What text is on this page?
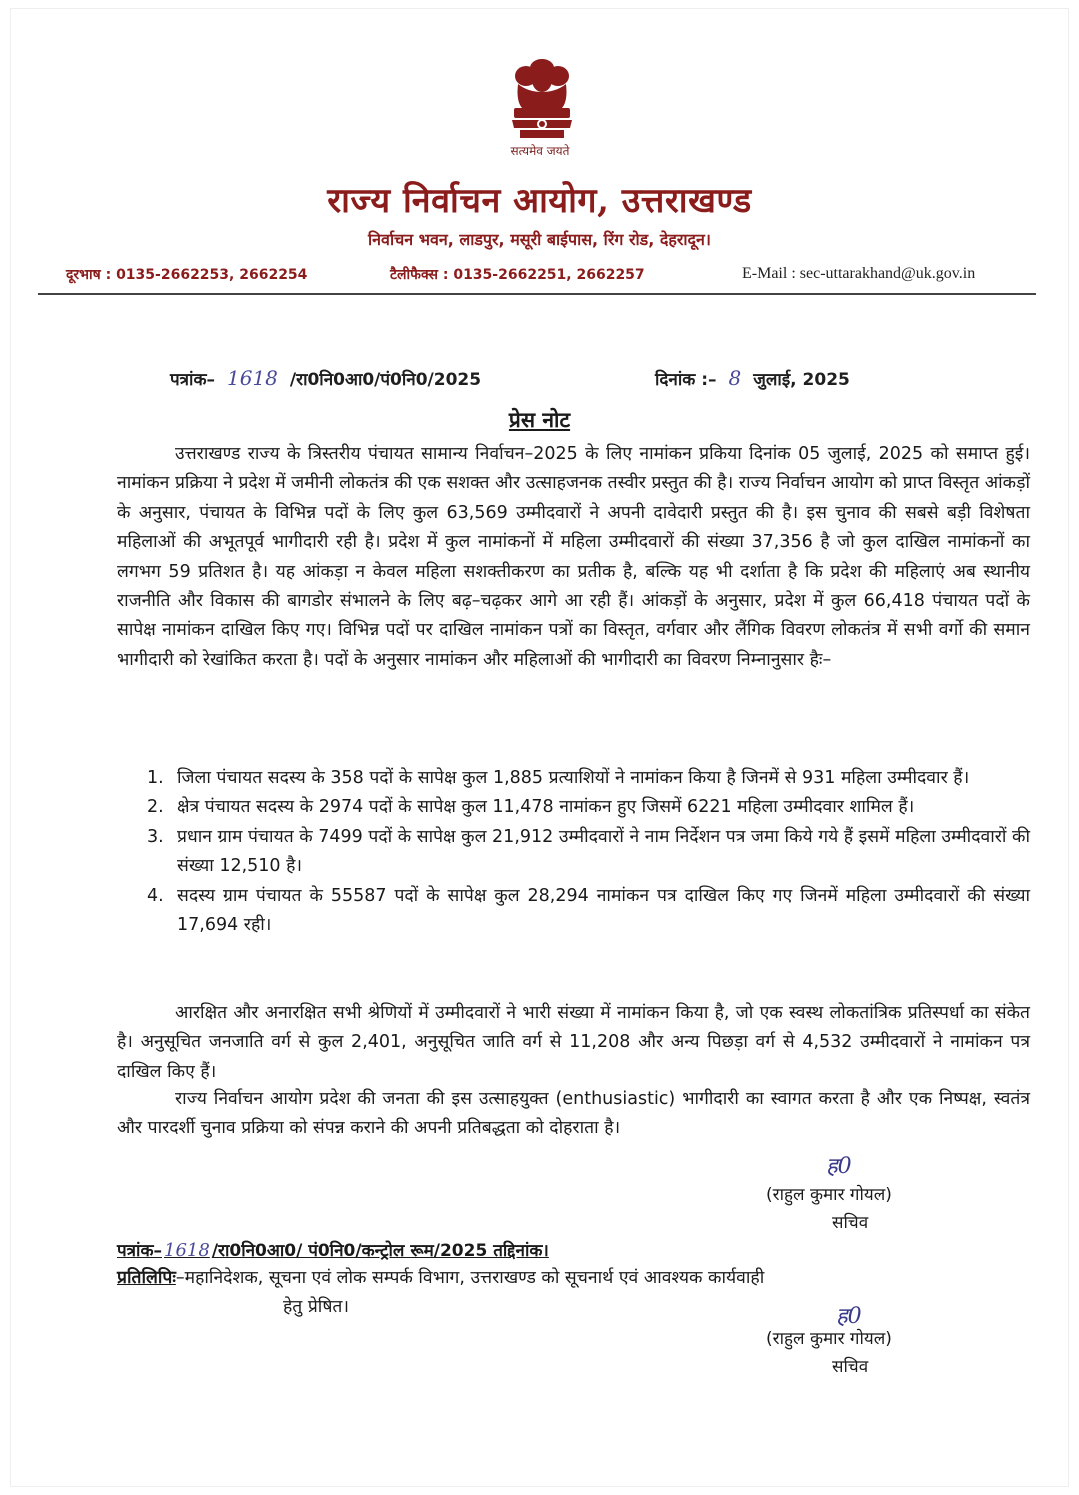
सत्यमेव जयते
राज्य निर्वाचन आयोग, उत्तराखण्ड
निर्वाचन भवन, लाडपुर, मसूरी बाईपास, रिंग रोड, देहरादून।
दूरभाष : 0135-2662253, 2662254	टैलीफैक्स : 0135-2662251, 2662257	E-Mail : sec-uttarakhand@uk.gov.in
पत्रांक– 1618 /रा0नि0आ0/पं0नि0/2025	दिनांक :– 8 जुलाई, 2025
प्रेस नोट

उत्तराखण्ड राज्य के त्रिस्तरीय पंचायत सामान्य निर्वाचन–2025 के लिए नामांकन प्रकिया दिनांक 05 जुलाई, 2025 को समाप्त हुई। नामांकन प्रक्रिया ने प्रदेश में जमीनी लोकतंत्र की एक सशक्त और उत्साहजनक तस्वीर प्रस्तुत की है। राज्य निर्वाचन आयोग को प्राप्त विस्तृत आंकड़ों के अनुसार, पंचायत के विभिन्न पदों के लिए कुल 63,569 उम्मीदवारों ने अपनी दावेदारी प्रस्तुत की है। इस चुनाव की सबसे बड़ी विशेषता महिलाओं की अभूतपूर्व भागीदारी रही है। प्रदेश में कुल नामांकनों में महिला उम्मीदवारों की संख्या 37,356 है जो कुल दाखिल नामांकनों का लगभग 59 प्रतिशत है। यह आंकड़ा न केवल महिला सशक्तीकरण का प्रतीक है, बल्कि यह भी दर्शाता है कि प्रदेश की महिलाएं अब स्थानीय राजनीति और विकास की बागडोर संभालने के लिए बढ़–चढ़कर आगे आ रही हैं। आंकड़ों के अनुसार, प्रदेश में कुल 66,418 पंचायत पदों के सापेक्ष नामांकन दाखिल किए गए। विभिन्न पदों पर दाखिल नामांकन पत्रों का विस्तृत, वर्गवार और लैंगिक विवरण लोकतंत्र में सभी वर्गो की समान भागीदारी को रेखांकित करता है। पदों के अनुसार नामांकन और महिलाओं की भागीदारी का विवरण निम्नानुसार हैः–

1. जिला पंचायत सदस्य के 358 पदों के सापेक्ष कुल 1,885 प्रत्याशियों ने नामांकन किया है जिनमें से 931 महिला उम्मीदवार हैं।
2. क्षेत्र पंचायत सदस्य के 2974 पदों के सापेक्ष कुल 11,478 नामांकन हुए जिसमें 6221 महिला उम्मीदवार शामिल हैं।
3. प्रधान ग्राम पंचायत के 7499 पदों के सापेक्ष कुल 21,912 उम्मीदवारों ने नाम निर्देशन पत्र जमा किये गये हैं इसमें महिला उम्मीदवारों की संख्या 12,510 है।
4. सदस्य ग्राम पंचायत के 55587 पदों के सापेक्ष कुल 28,294 नामांकन पत्र दाखिल किए गए जिनमें महिला उम्मीदवारों की संख्या 17,694 रही।

आरक्षित और अनारक्षित सभी श्रेणियों में उम्मीदवारों ने भारी संख्या में नामांकन किया है, जो एक स्वस्थ लोकतांत्रिक प्रतिस्पर्धा का संकेत है। अनुसूचित जनजाति वर्ग से कुल 2,401, अनुसूचित जाति वर्ग से 11,208 और अन्य पिछड़ा वर्ग से 4,532 उम्मीदवारों ने नामांकन पत्र दाखिल किए हैं।

राज्य निर्वाचन आयोग प्रदेश की जनता की इस उत्साहयुक्त (enthusiastic) भागीदारी का स्वागत करता है और एक निष्पक्ष, स्वतंत्र और पारदर्शी चुनाव प्रक्रिया को संपन्न कराने की अपनी प्रतिबद्धता को दोहराता है।

ह0
(राहुल कुमार गोयल)
सचिव
पत्रांक– 1618 /रा0नि0आ0/ पं0नि0/कन्ट्रोल रूम/2025 तद्दिनांक।
प्रतिलिपिः–महानिदेशक, सूचना एवं लोक सम्पर्क विभाग, उत्तराखण्ड को सूचनार्थ एवं आवश्यक कार्यवाही
हेतु प्रेषित।	ह0
(राहुल कुमार गोयल)
सचिव
